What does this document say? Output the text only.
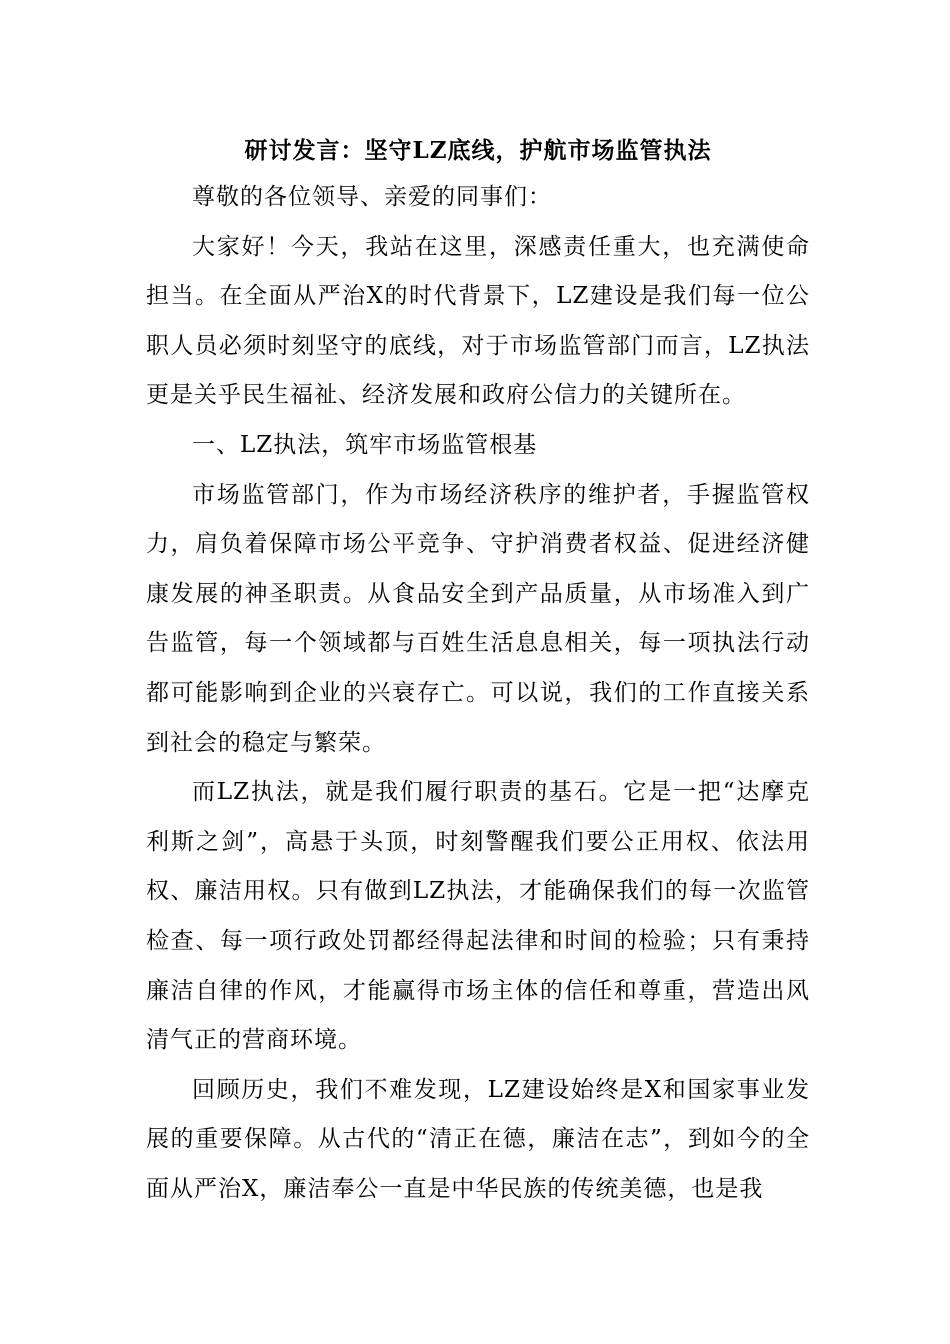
研讨发言：坚守LZ底线，护航市场监管执法

尊敬的各位领导、亲爱的同事们：

大家好！今天，我站在这里，深感责任重大，也充满使命担当。在全面从严治X的时代背景下，LZ建设是我们每一位公职人员必须时刻坚守的底线，对于市场监管部门而言，LZ执法更是关乎民生福祉、经济发展和政府公信力的关键所在。

一、LZ执法，筑牢市场监管根基

市场监管部门，作为市场经济秩序的维护者，手握监管权力，肩负着保障市场公平竞争、守护消费者权益、促进经济健康发展的神圣职责。从食品安全到产品质量，从市场准入到广告监管，每一个领域都与百姓生活息息相关，每一项执法行动都可能影响到企业的兴衰存亡。可以说，我们的工作直接关系到社会的稳定与繁荣。

而LZ执法，就是我们履行职责的基石。它是一把“达摩克利斯之剑”，高悬于头顶，时刻警醒我们要公正用权、依法用权、廉洁用权。只有做到LZ执法，才能确保我们的每一次监管检查、每一项行政处罚都经得起法律和时间的检验；只有秉持廉洁自律的作风，才能赢得市场主体的信任和尊重，营造出风清气正的营商环境。

回顾历史，我们不难发现，LZ建设始终是X和国家事业发展的重要保障。从古代的“清正在德，廉洁在志”，到如今的全面从严治X，廉洁奉公一直是中华民族的传统美德，也是我
